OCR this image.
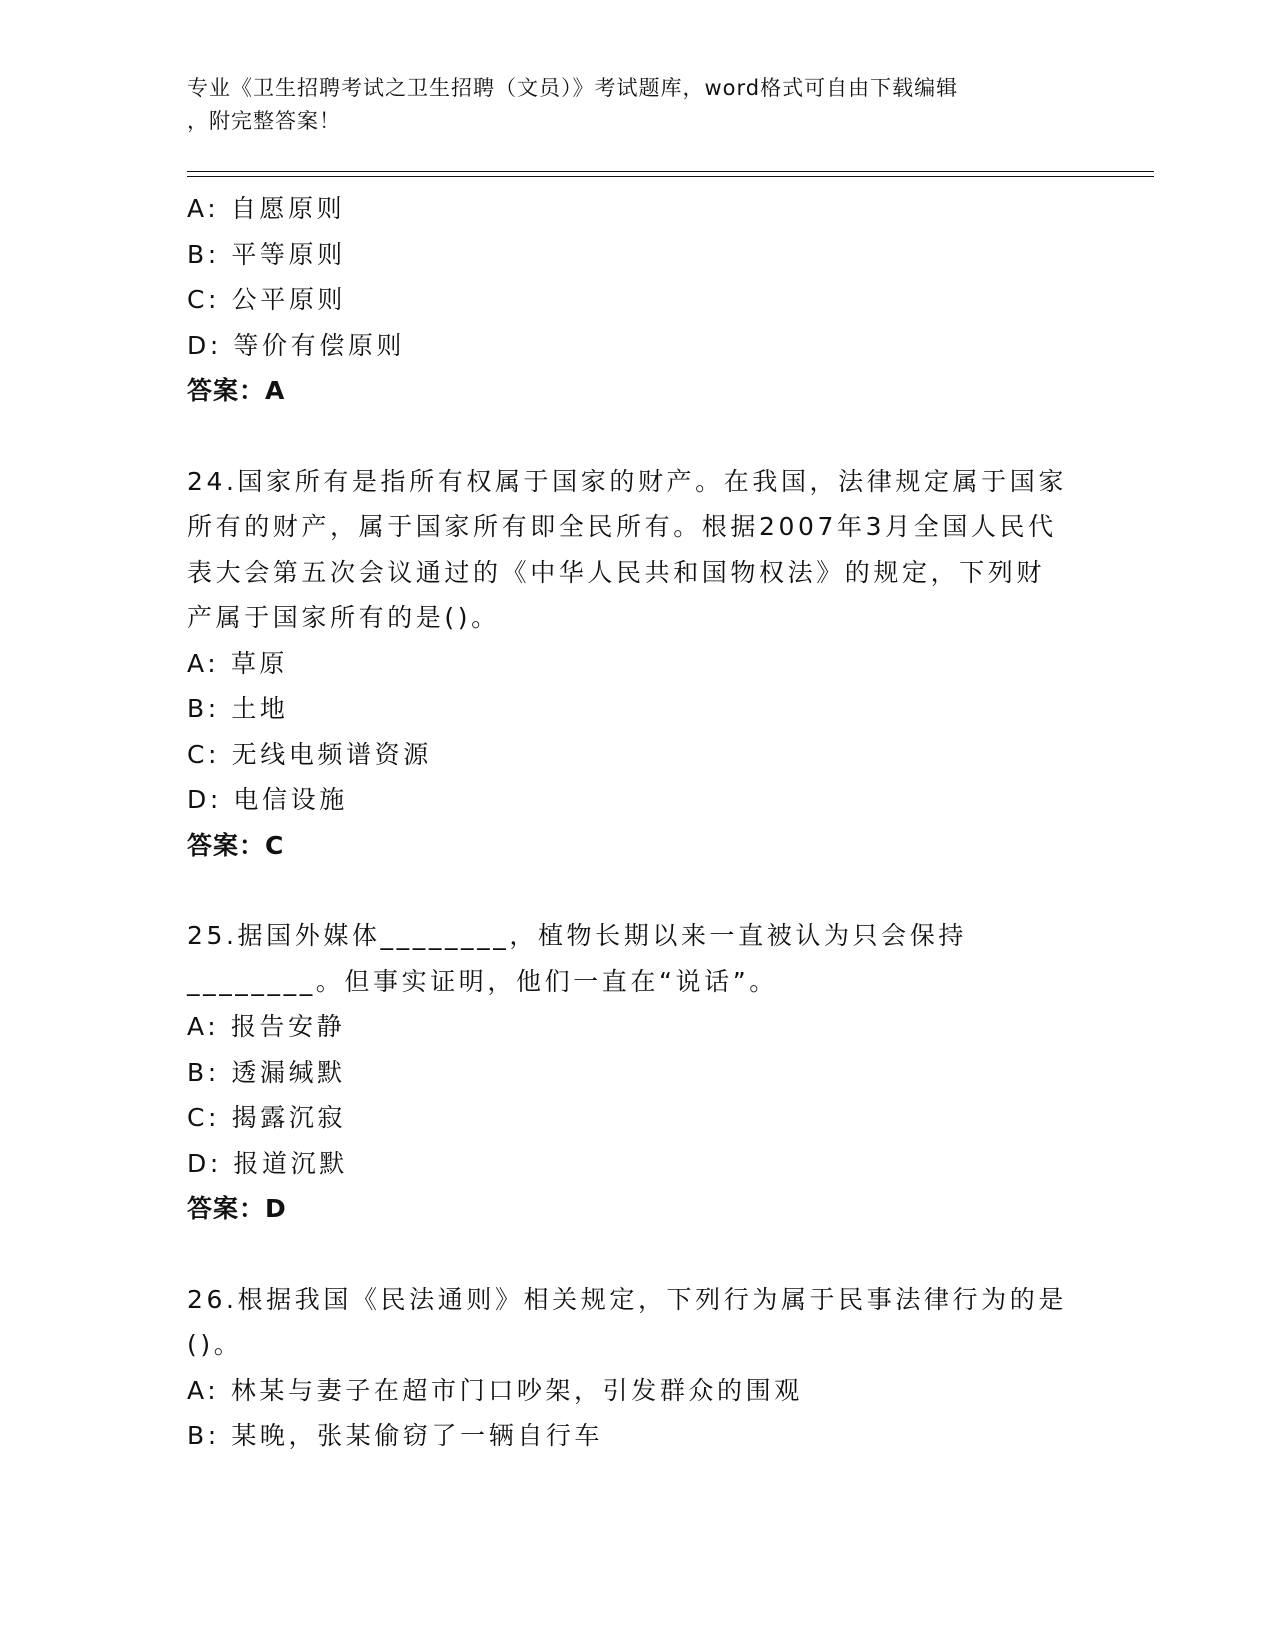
专业《卫生招聘考试之卫生招聘（文员）》考试题库，word格式可自由下载编辑
，附完整答案！
A: 自愿原则
B: 平等原则
C: 公平原则
D: 等价有偿原则
答案：A
24.国家所有是指所有权属于国家的财产。在我国，法律规定属于国家所有的财产，属于国家所有即全民所有。根据2007年3月全国人民代表大会第五次会议通过的《中华人民共和国物权法》的规定，下列财产属于国家所有的是()。
A: 草原
B: 土地
C: 无线电频谱资源
D: 电信设施
答案：C
25.据国外媒体________，植物长期以来一直被认为只会保持________。但事实证明，他们一直在“说话”。
A: 报告安静
B: 透漏缄默
C: 揭露沉寂
D: 报道沉默
答案：D
26.根据我国《民法通则》相关规定，下列行为属于民事法律行为的是()。
A: 林某与妻子在超市门口吵架，引发群众的围观
B: 某晚，张某偷窃了一辆自行车
